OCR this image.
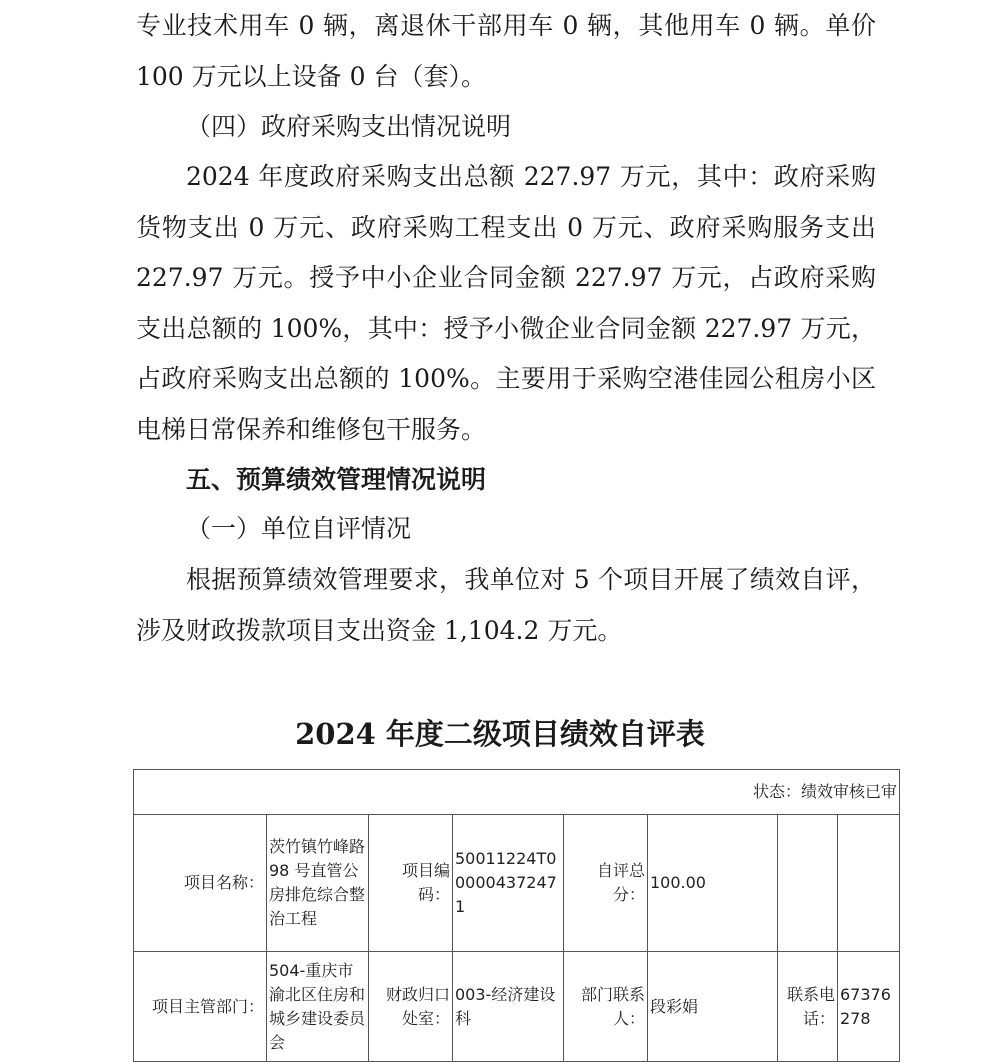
专业技术用车 0 辆，离退休干部用车 0 辆，其他用车 0 辆。单价 100 万元以上设备 0 台（套）。

（四）政府采购支出情况说明

2024 年度政府采购支出总额 227.97 万元，其中：政府采购货物支出 0 万元、政府采购工程支出 0 万元、政府采购服务支出 227.97 万元。授予中小企业合同金额 227.97 万元，占政府采购支出总额的 100%，其中：授予小微企业合同金额 227.97 万元，占政府采购支出总额的 100%。主要用于采购空港佳园公租房小区电梯日常保养和维修包干服务。

五、预算绩效管理情况说明

（一）单位自评情况

根据预算绩效管理要求，我单位对 5 个项目开展了绩效自评，涉及财政拨款项目支出资金 1,104.2 万元。

2024 年度二级项目绩效自评表
状态：绩效审核已审							
项目名称：	茨竹镇竹峰路 98 号直管公房排危综合整治工程	项目编码：	50011224T000004372471	自评总分：	100.00		
项目主管部门：	504-重庆市渝北区住房和城乡建设委员会	财政归口处室：	003-经济建设科	部门联系人：	段彩娟	联系电话：	67376278
